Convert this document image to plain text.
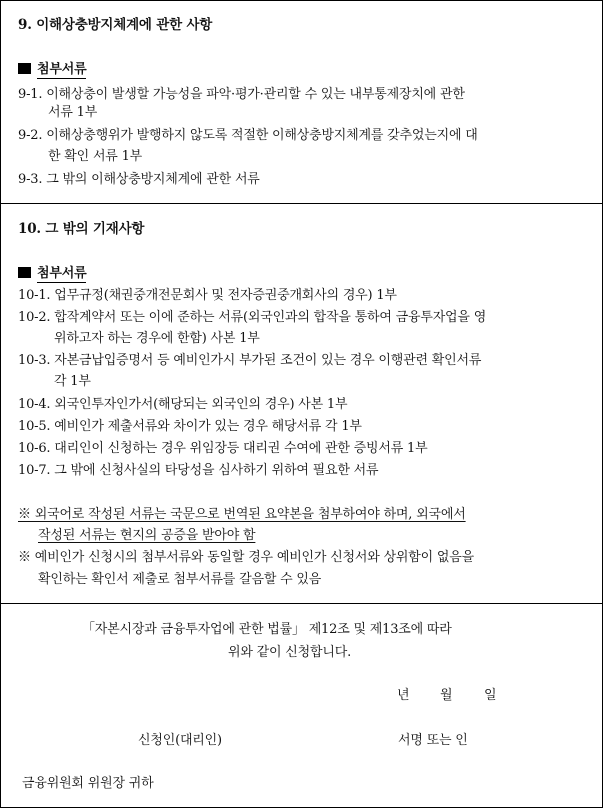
9. 이해상충방지체계에 관한 사항
첨부서류
9-1. 이해상충이 발생할 가능성을 파악·평가·관리할 수 있는 내부통제장치에 관한
서류 1부
9-2. 이해상충행위가 발행하지 않도록 적절한 이해상충방지체계를 갖추었는지에 대
한 확인 서류 1부
9-3. 그 밖의 이해상충방지체계에 관한 서류
10. 그 밖의 기재사항
첨부서류
10-1. 업무규정(채권중개전문회사 및 전자증권중개회사의 경우) 1부
10-2. 합작계약서 또는 이에 준하는 서류(외국인과의 합작을 통하여 금융투자업을 영
위하고자 하는 경우에 한함) 사본 1부
10-3. 자본금납입증명서 등 예비인가시 부가된 조건이 있는 경우 이행관련 확인서류
각 1부
10-4. 외국인투자인가서(해당되는 외국인의 경우) 사본 1부
10-5. 예비인가 제출서류와 차이가 있는 경우 해당서류 각 1부
10-6. 대리인이 신청하는 경우 위임장등 대리권 수여에 관한 증빙서류 1부
10-7. 그 밖에 신청사실의 타당성을 심사하기 위하여 필요한 서류
※ 외국어로 작성된 서류는 국문으로 번역된 요약본을 첨부하여야 하며, 외국에서
작성된 서류는 현지의 공증을 받아야 함
※ 예비인가 신청시의 첨부서류와 동일할 경우 예비인가 신청서와 상위함이 없음을
확인하는 확인서 제출로 첨부서류를 갈음할 수 있음
「자본시장과 금융투자업에 관한 법률」 제12조 및 제13조에 따라
위와 같이 신청합니다.
년 월 일
신청인(대리인)	서명 또는 인
금융위원회 위원장 귀하
